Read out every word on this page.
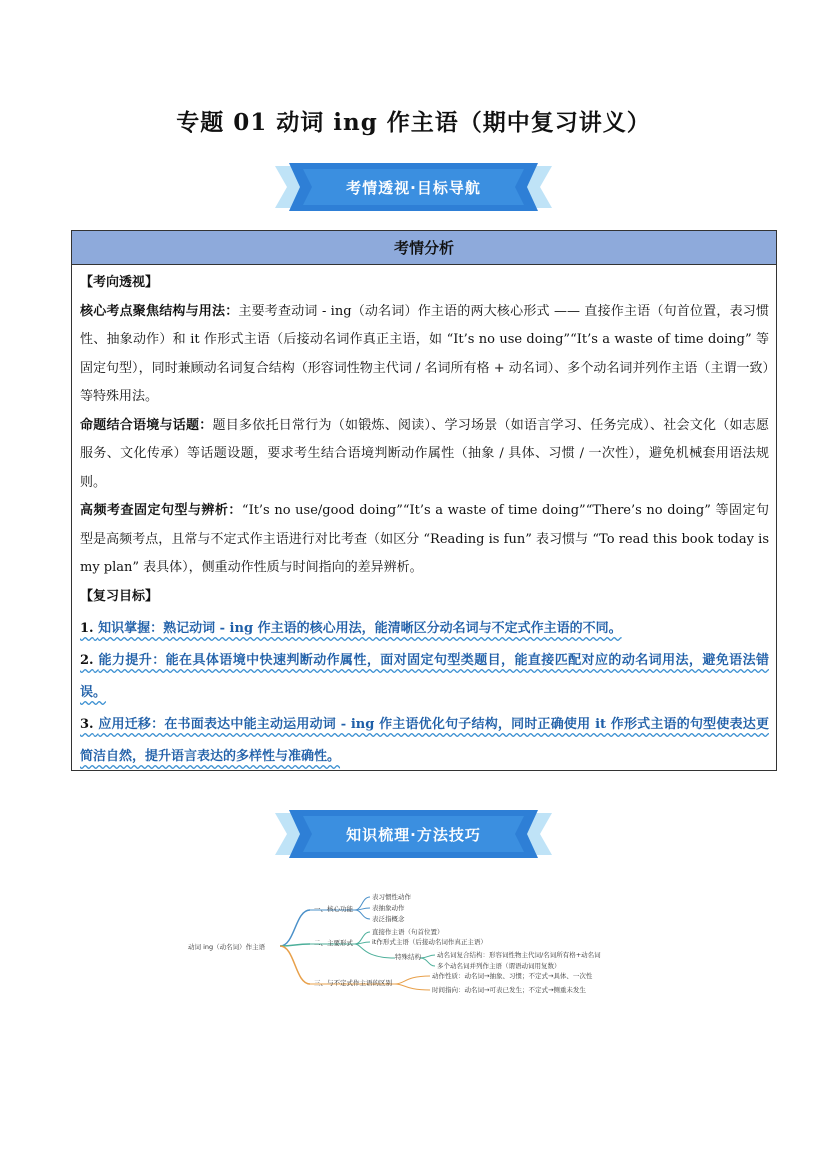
专题 01 动词 ing 作主语（期中复习讲义）
考情透视·目标导航
考情分析

【考向透视】

核心考点聚焦结构与用法：主要考查动词 - ing（动名词）作主语的两大核心形式 —— 直接作主语（句首位置，表习惯性、抽象动作）和 it 作形式主语（后接动名词作真正主语，如 “It’s no use doing”“It’s a waste of time doing” 等固定句型），同时兼顾动名词复合结构（形容词性物主代词 / 名词所有格 + 动名词）、多个动名词并列作主语（主谓一致）等特殊用法。

命题结合语境与话题：题目多依托日常行为（如锻炼、阅读）、学习场景（如语言学习、任务完成）、社会文化（如志愿服务、文化传承）等话题设题，要求考生结合语境判断动作属性（抽象 / 具体、习惯 / 一次性），避免机械套用语法规则。

高频考查固定句型与辨析：“It’s no use/good doing”“It’s a waste of time doing”“There’s no doing” 等固定句型是高频考点，且常与不定式作主语进行对比考查（如区分 “Reading is fun” 表习惯与 “To read this book today is my plan” 表具体），侧重动作性质与时间指向的差异辨析。

【复习目标】

1. 知识掌握：熟记动词 - ing 作主语的核心用法，能清晰区分动名词与不定式作主语的不同。

2. 能力提升：能在具体语境中快速判断动作属性，面对固定句型类题目，能直接匹配对应的动名词用法，避免语法错误。

3. 应用迁移：在书面表达中能主动运用动词 - ing 作主语优化句子结构，同时正确使用 it 作形式主语的句型使表达更简洁自然，提升语言表达的多样性与准确性。

知识梳理·方法技巧
动词 ing（动名词）作主语
一、核心功能
表习惯性动作
表抽象动作
表泛指概念
二、主要形式
直接作主语（句首位置）
it作形式主语（后接动名词作真正主语）
特殊结构 动名词复合结构：形容词性物主代词/名词所有格+动名词
多个动名词并列作主语（谓语动词用复数）
三、与不定式作主语的区别
动作性质：动名词→抽象、习惯；不定式→具体、一次性
时间指向：动名词→可表已发生；不定式→侧重未发生
